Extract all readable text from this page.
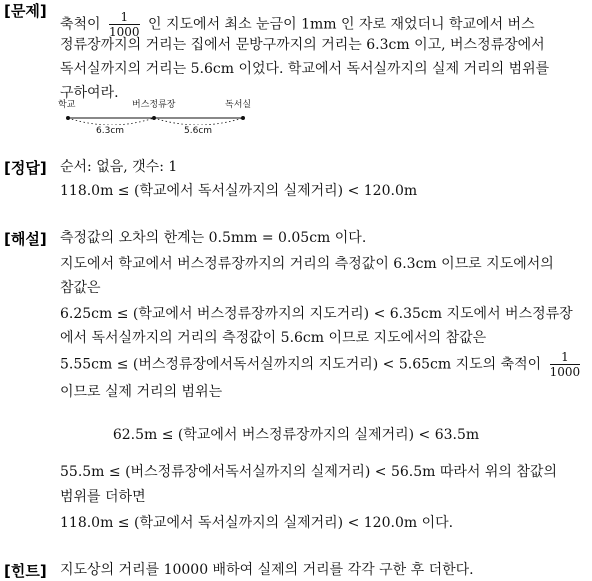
[문제]
축척이 $\frac{1}{1000}$ 인 지도에서 최소 눈금이 1mm 인 자로 재었더니 학교에서 버스
정류장까지의 거리는 집에서 문방구까지의 거리는 6.3cm 이고, 버스정류장에서
독서실까지의 거리는 5.6cm 이었다. 학교에서 독서실까지의 실제 거리의 범위를
구하여라.
학교	버스정류장	독서실
6.3cm	5.6cm
[정답] 순서: 없음, 갯수: 1
118.0m ≤ (학교에서 독서실까지의 실제거리) < 120.0m
[해설] 측정값의 오차의 한계는 0.5mm = 0.05cm 이다.
지도에서 학교에서 버스정류장까지의 거리의 측정값이 6.3cm 이므로 지도에서의
참값은
6.25cm ≤ (학교에서 버스정류장까지의 지도거리) < 6.35cm 지도에서 버스정류장
에서 독서실까지의 거리의 측정값이 5.6cm 이므로 지도에서의 참값은
5.55cm ≤ (버스정류장에서독서실까지의 지도거리) < 5.65cm 지도의 축적이 $\frac{1}{1000}$
이므로 실제 거리의 범위는
62.5m ≤ (학교에서 버스정류장까지의 실제거리) < 63.5m
55.5m ≤ (버스정류장에서독서실까지의 실제거리) < 56.5m 따라서 위의 참값의
범위를 더하면
118.0m ≤ (학교에서 독서실까지의 실제거리) < 120.0m 이다.
[힌트] 지도상의 거리를 10000 배하여 실제의 거리를 각각 구한 후 더한다.
